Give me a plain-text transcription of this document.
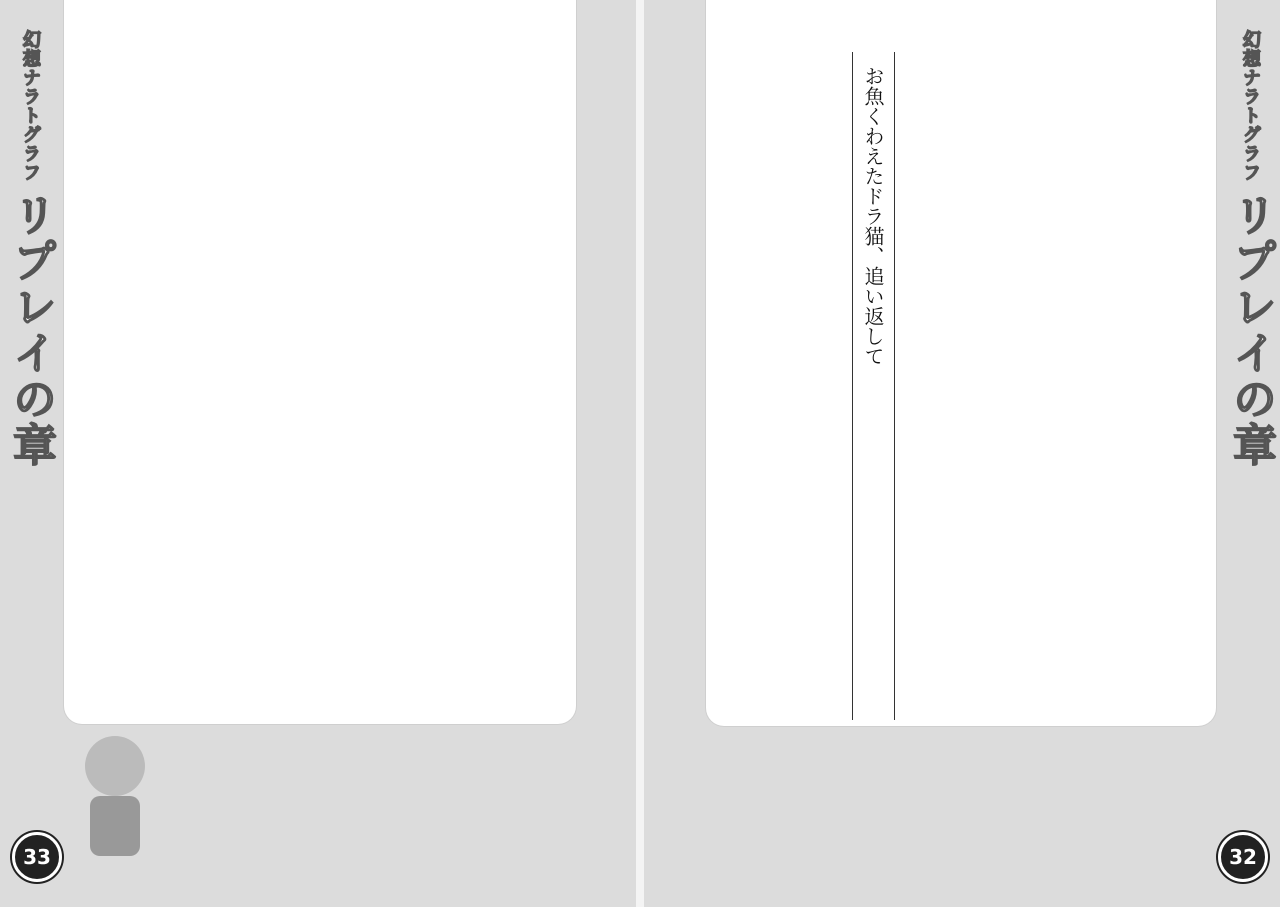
幻想ナラトグラフ
リプレイの章
33
お魚くわえたドラ猫、追い返して	幻想ナラトグラフ
リプレイの章
32
